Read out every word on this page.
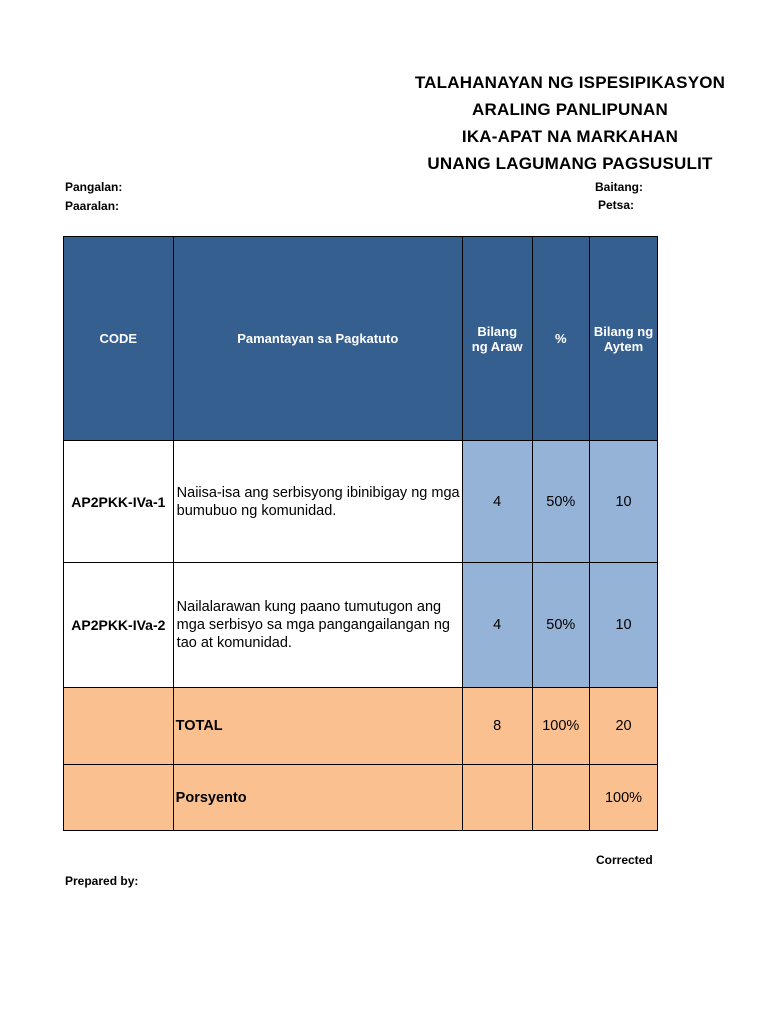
TALAHANAYAN NG ISPESIPIKASYON
ARALING PANLIPUNAN
IKA-APAT NA MARKAHAN
UNANG LAGUMANG PAGSUSULIT
Pangalan:
Paaralan:
Baitang:
Petsa:
CODE	Pamantayan sa Pagkatuto	Bilang ng Araw	%	Bilang ng Aytem

AP2PKK-IVa-1	Naiisa-isa ang serbisyong ibinibigay ng mga bumubuo ng komunidad.	4	50%	10
AP2PKK-IVa-2	Nailalarawan kung paano tumutugon ang mga serbisyo sa mga pangangailangan ng tao at komunidad.	4	50%	10
	TOTAL	8	100%	20
	Porsyento			100%
Corrected
Prepared by:
